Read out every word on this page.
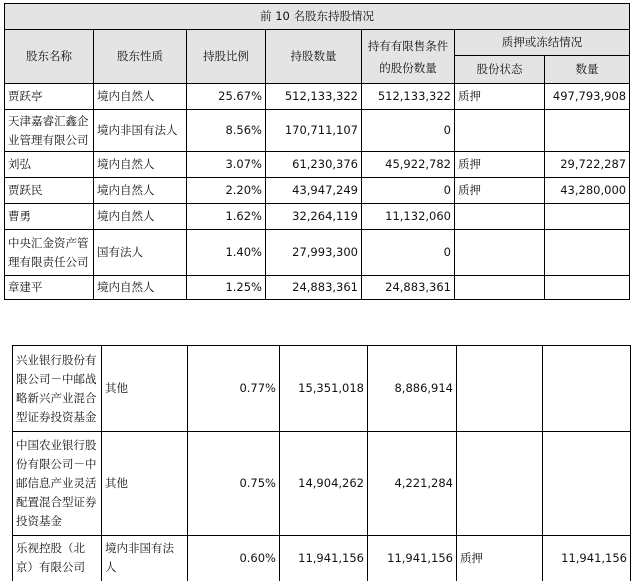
前 10 名股东持股情况						
股东名称	股东性质	持股比例	持股数量	持有有限售条件的股份数量	质押或冻结情况	
					股份状态	数量
贾跃亭	境内自然人	25.67%	512,133,322	512,133,322	质押	497,793,908
天津嘉睿汇鑫企业管理有限公司	境内非国有法人	8.56%	170,711,107	0		
刘弘	境内自然人	3.07%	61,230,376	45,922,782	质押	29,722,287
贾跃民	境内自然人	2.20%	43,947,249	0	质押	43,280,000
曹勇	境内自然人	1.62%	32,264,119	11,132,060		
中央汇金资产管理有限责任公司	国有法人	1.40%	27,993,300	0		
章建平	境内自然人	1.25%	24,883,361	24,883,361		
兴业银行股份有限公司－中邮战略新兴产业混合型证券投资基金	其他	0.77%	15,351,018	8,886,914		
中国农业银行股份有限公司－中邮信息产业灵活配置混合型证券投资基金	其他	0.75%	14,904,262	4,221,284		
乐视控股（北京）有限公司	境内非国有法人	0.60%	11,941,156	11,941,156	质押	11,941,156
